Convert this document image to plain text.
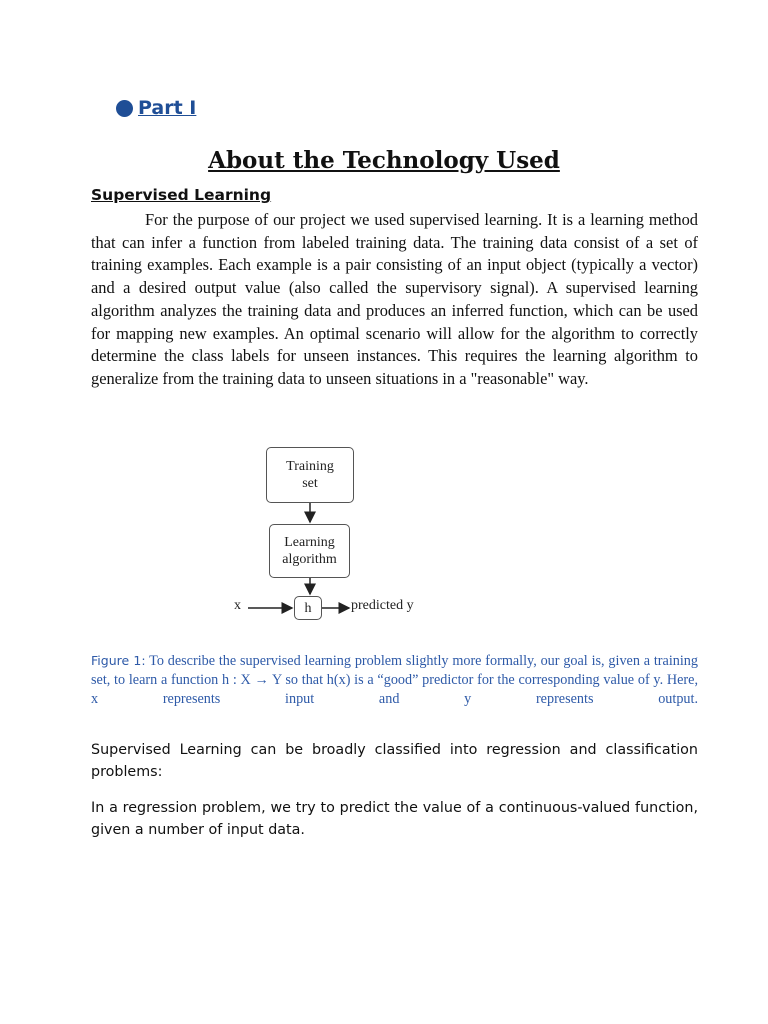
Part I
About the Technology Used
Supervised Learning

For the purpose of our project we used supervised learning. It is a learning method that can infer a function from labeled training data. The training data consist of a set of training examples. Each example is a pair consisting of an input object (typically a vector) and a desired output value (also called the supervisory signal). A supervised learning algorithm analyzes the training data and produces an inferred function, which can be used for mapping new examples. An optimal scenario will allow for the algorithm to correctly determine the class labels for unseen instances. This requires the learning algorithm to generalize from the training data to unseen situations in a "reasonable" way.

Training
set
Learning
algorithm
h
x	predicted y

Figure 1: To describe the supervised learning problem slightly more formally, our goal is, given a training set, to learn a function h : X → Y so that h(x) is a “good” predictor for the corresponding value of y. Here, x represents input and y represents output.

Supervised Learning can be broadly classified into regression and classification problems:

In a regression problem, we try to predict the value of a continuous-valued function, given a number of input data.
